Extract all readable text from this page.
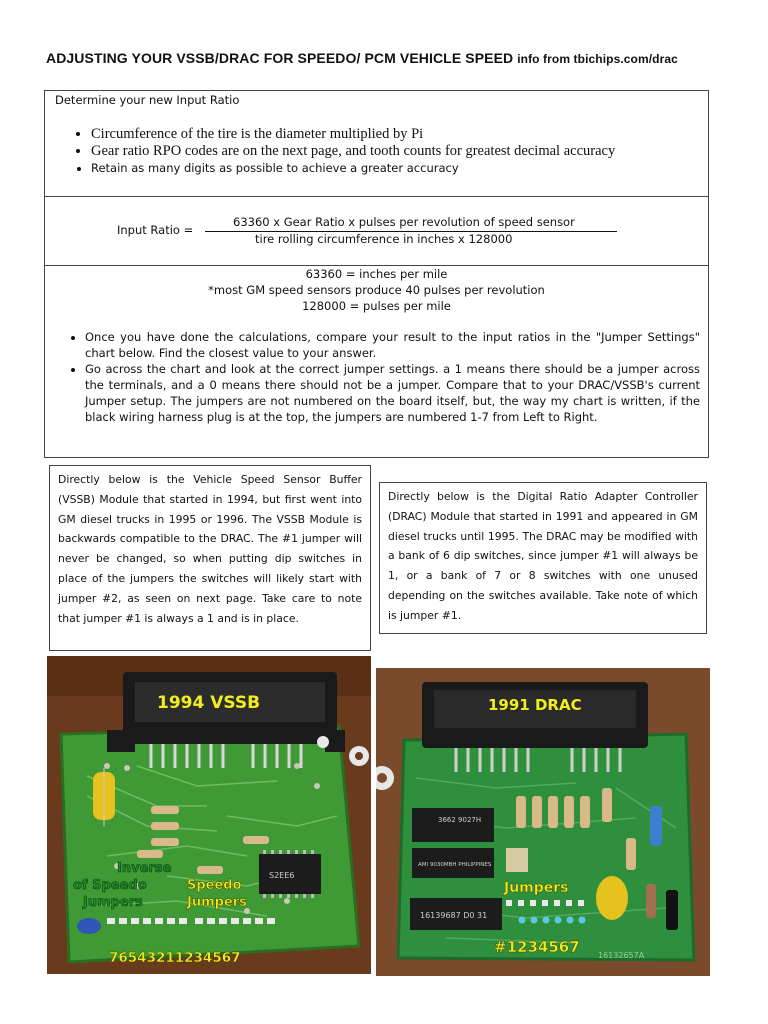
ADJUSTING YOUR VSSB/DRAC FOR SPEEDO/ PCM VEHICLE SPEED info from tbichips.com/drac
Determine your new Input Ratio
• Circumference of the tire is the diameter multiplied by Pi
• Gear ratio RPO codes are on the next page, and tooth counts for greatest decimal accuracy
• Retain as many digits as possible to achieve a greater accuracy
Input Ratio =
63360 x Gear Ratio x pulses per revolution of speed sensor
tire rolling circumference in inches x 128000
63360 = inches per mile
*most GM speed sensors produce 40 pulses per revolution
128000 = pulses per mile
• Once you have done the calculations, compare your result to the input ratios in the "Jumper Settings" chart below. Find the closest value to your answer.
• Go across the chart and look at the correct jumper settings. a 1 means there should be a jumper across the terminals, and a 0 means there should not be a jumper. Compare that to your DRAC/VSSB's current Jumper setup. The jumpers are not numbered on the board itself, but, the way my chart is written, if the black wiring harness plug is at the top, the jumpers are numbered 1-7 from Left to Right.
Directly below is the Vehicle Speed Sensor Buffer (VSSB) Module that started in 1994, but first went into GM diesel trucks in 1995 or 1996. The VSSB Module is backwards compatible to the DRAC. The #1 jumper will never be changed, so when putting dip switches in place of the jumpers the switches will likely start with jumper #2, as seen on next page. Take care to note that jumper #1 is always a 1 and is in place.
Directly below is the Digital Ratio Adapter Controller (DRAC) Module that started in 1991 and appeared in GM diesel trucks until 1995. The DRAC may be modified with a bank of 6 dip switches, since jumper #1 will always be 1, or a bank of 7 or 8 switches with one unused depending on the switches available. Take note of which is jumper #1.
S2EE6
1994 VSSB
Inverse
of Speedo	Speedo
Jumpers	Jumpers
76543211234567
3662 9027H
AMI 9030MBH PHILIPPINES
16139687 D0 31
1991 DRAC
Jumpers
#1234567 16132657A
